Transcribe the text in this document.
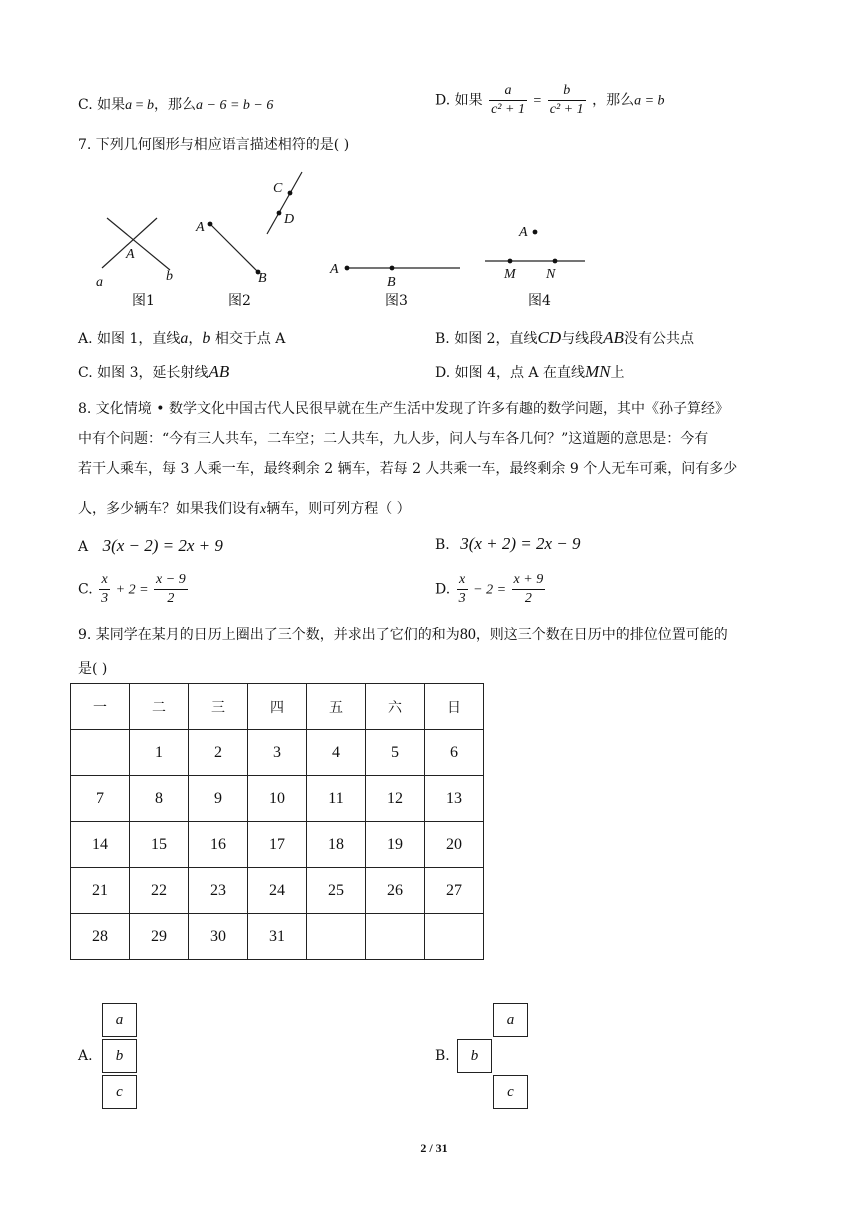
C. 如果a = b，那么a − 6 = b − 6	D. 如果 $\frac{a}{\text{c² + 1}} = \frac{b}{\text{c² + 1}}$ ，那么a = b
7. 下列几何图形与相应语言描述相符的是( )
a	b
A
A
B
C
D
A
B
A
M N
图1	图2	图3	图4
A. 如图 1，直线a，b 相交于点 A	B. 如图 2，直线CD与线段AB没有公共点
C. 如图 3，延长射线AB	D. 如图 4，点 A 在直线MN上
8. 文化情境 • 数学文化中国古代人民很早就在生产生活中发现了许多有趣的数学问题，其中《孙子算经》
中有个问题：“今有三人共车，二车空；二人共车，九人步，问人与车各几何？”这道题的意思是：今有
若干人乘车，每 3 人乘一车，最终剩余 2 辆车，若每 2 人共乘一车，最终剩余 9 个人无车可乘，问有多少
人，多少辆车？如果我们设有x辆车，则可列方程（ ）
A 3(x − 2) = 2x + 9	B. 3(x + 2) = 2x − 9
C. $\frac{x}{3} + 2 = \frac{x - 9}{2}$	D. $\frac{x}{3} - 2 = \frac{x + 9}{2}$
9. 某同学在某月的日历上圈出了三个数，并求出了它们的和为80，则这三个数在日历中的排位位置可能的
是( )
一	二	三	四	五	六	日
	1	2	3	4	5	6
7	8	9	10	11	12	13
14	15	16	17	18	19	20
21	22	23	24	25	26	27
28	29	30	31			
A.
a
b
c
B.
a
b
c
2 / 31
